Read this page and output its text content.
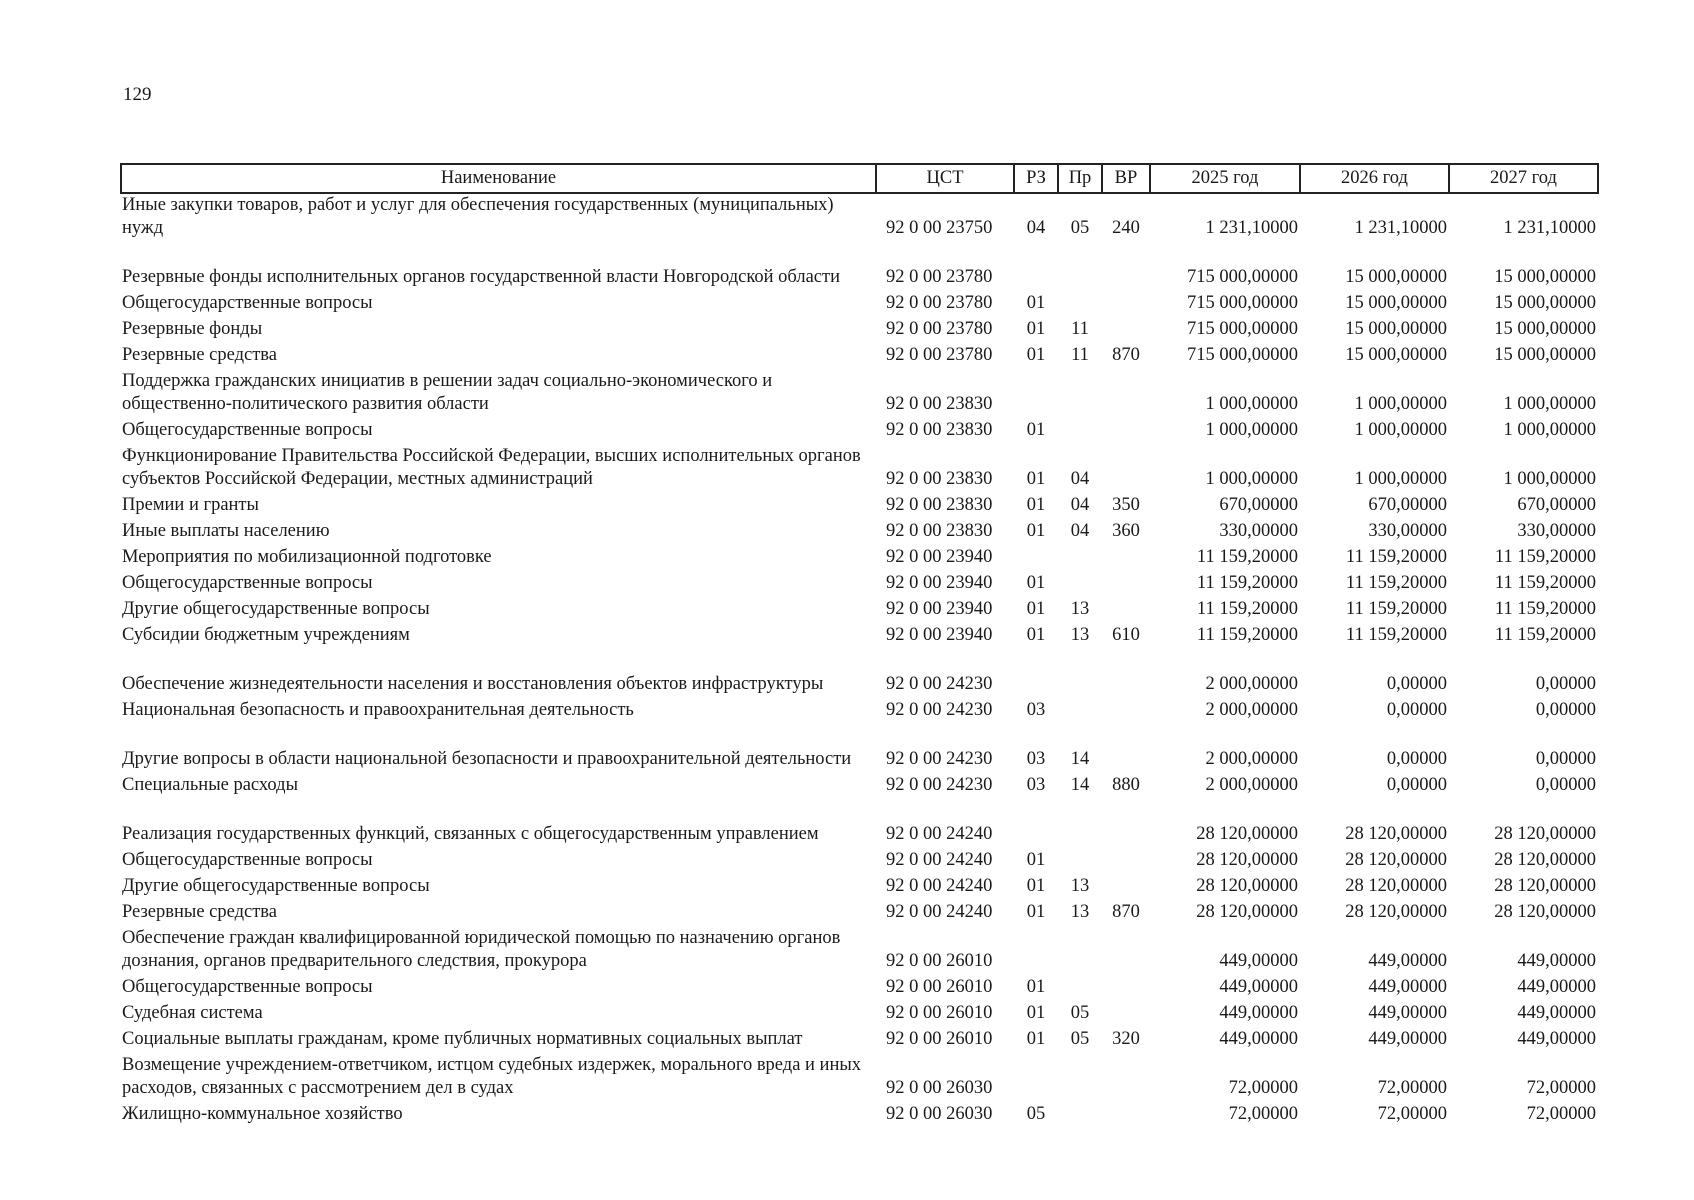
129
Наименование	ЦСТ	РЗ	Пр	ВР	2025 год	2026 год	2027 год
Иные закупки товаров, работ и услуг для обеспечения государственных (муниципальных) нужд	92 0 00 23750	04	05	240	1 231,10000	1 231,10000	1 231,10000
Резервные фонды исполнительных органов государственной власти Новгородской области	92 0 00 23780				715 000,00000	15 000,00000	15 000,00000
Общегосударственные вопросы	92 0 00 23780	01			715 000,00000	15 000,00000	15 000,00000
Резервные фонды	92 0 00 23780	01	11		715 000,00000	15 000,00000	15 000,00000
Резервные средства	92 0 00 23780	01	11	870	715 000,00000	15 000,00000	15 000,00000
Поддержка гражданских инициатив в решении задач социально-экономического и общественно-политического развития области	92 0 00 23830				1 000,00000	1 000,00000	1 000,00000
Общегосударственные вопросы	92 0 00 23830	01			1 000,00000	1 000,00000	1 000,00000
Функционирование Правительства Российской Федерации, высших исполнительных органов субъектов Российской Федерации, местных администраций	92 0 00 23830	01	04		1 000,00000	1 000,00000	1 000,00000
Премии и гранты	92 0 00 23830	01	04	350	670,00000	670,00000	670,00000
Иные выплаты населению	92 0 00 23830	01	04	360	330,00000	330,00000	330,00000
Мероприятия по мобилизационной подготовке	92 0 00 23940				11 159,20000	11 159,20000	11 159,20000
Общегосударственные вопросы	92 0 00 23940	01			11 159,20000	11 159,20000	11 159,20000
Другие общегосударственные вопросы	92 0 00 23940	01	13		11 159,20000	11 159,20000	11 159,20000
Субсидии бюджетным учреждениям	92 0 00 23940	01	13	610	11 159,20000	11 159,20000	11 159,20000
Обеспечение жизнедеятельности населения и восстановления объектов инфраструктуры	92 0 00 24230				2 000,00000	0,00000	0,00000
Национальная безопасность и правоохранительная деятельность	92 0 00 24230	03			2 000,00000	0,00000	0,00000
Другие вопросы в области национальной безопасности и правоохранительной деятельности	92 0 00 24230	03	14		2 000,00000	0,00000	0,00000
Специальные расходы	92 0 00 24230	03	14	880	2 000,00000	0,00000	0,00000
Реализация государственных функций, связанных с общегосударственным управлением	92 0 00 24240				28 120,00000	28 120,00000	28 120,00000
Общегосударственные вопросы	92 0 00 24240	01			28 120,00000	28 120,00000	28 120,00000
Другие общегосударственные вопросы	92 0 00 24240	01	13		28 120,00000	28 120,00000	28 120,00000
Резервные средства	92 0 00 24240	01	13	870	28 120,00000	28 120,00000	28 120,00000
Обеспечение граждан квалифицированной юридической помощью по назначению органов дознания, органов предварительного следствия, прокурора	92 0 00 26010				449,00000	449,00000	449,00000
Общегосударственные вопросы	92 0 00 26010	01			449,00000	449,00000	449,00000
Судебная система	92 0 00 26010	01	05		449,00000	449,00000	449,00000
Социальные выплаты гражданам, кроме публичных нормативных социальных выплат	92 0 00 26010	01	05	320	449,00000	449,00000	449,00000
Возмещение учреждением-ответчиком, истцом судебных издержек, морального вреда и иных расходов, связанных с рассмотрением дел в судах	92 0 00 26030				72,00000	72,00000	72,00000
Жилищно-коммунальное хозяйство	92 0 00 26030	05			72,00000	72,00000	72,00000
